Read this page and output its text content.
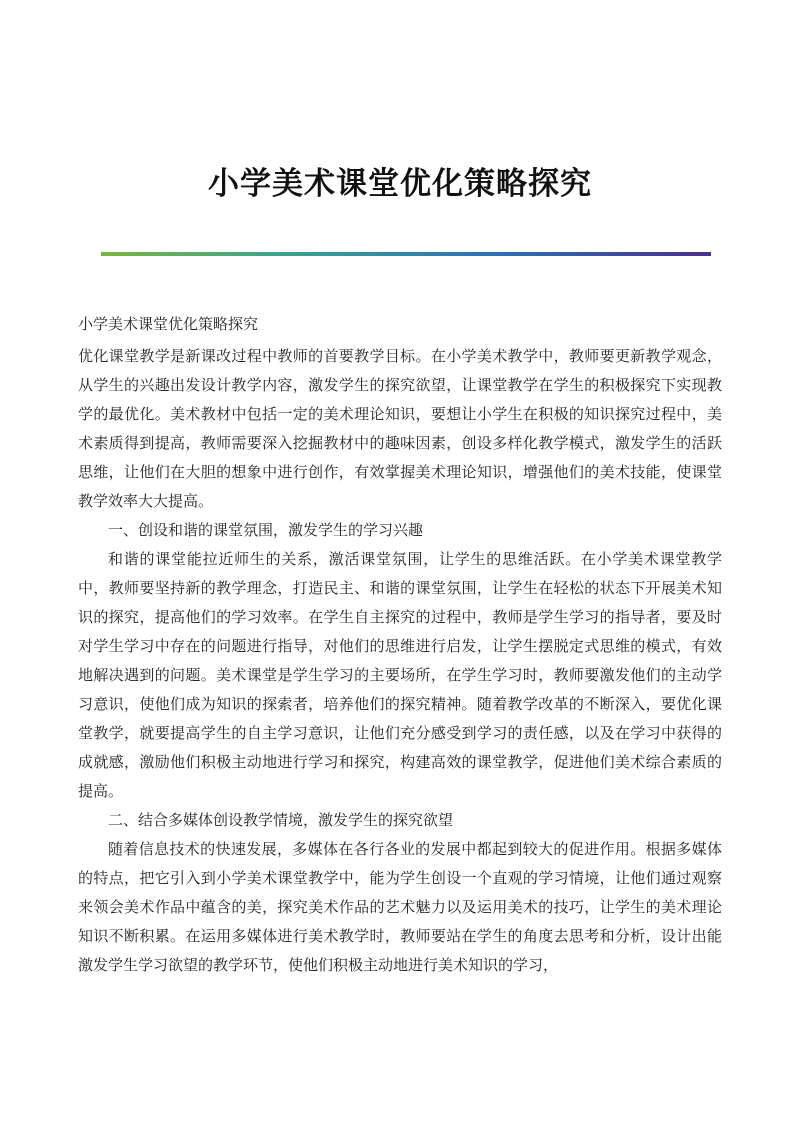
小学美术课堂优化策略探究

小学美术课堂优化策略探究

优化课堂教学是新课改过程中教师的首要教学目标。在小学美术教学中，教师要更新教学观念，从学生的兴趣出发设计教学内容，激发学生的探究欲望，让课堂教学在学生的积极探究下实现教学的最优化。美术教材中包括一定的美术理论知识，要想让小学生在积极的知识探究过程中，美术素质得到提高，教师需要深入挖掘教材中的趣味因素，创设多样化教学模式，激发学生的活跃思维，让他们在大胆的想象中进行创作，有效掌握美术理论知识，增强他们的美术技能，使课堂教学效率大大提高。

一、创设和谐的课堂氛围，激发学生的学习兴趣

和谐的课堂能拉近师生的关系，激活课堂氛围，让学生的思维活跃。在小学美术课堂教学中，教师要坚持新的教学理念，打造民主、和谐的课堂氛围，让学生在轻松的状态下开展美术知识的探究，提高他们的学习效率。在学生自主探究的过程中，教师是学生学习的指导者，要及时对学生学习中存在的问题进行指导，对他们的思维进行启发，让学生摆脱定式思维的模式，有效地解决遇到的问题。美术课堂是学生学习的主要场所，在学生学习时，教师要激发他们的主动学习意识，使他们成为知识的探索者，培养他们的探究精神。随着教学改革的不断深入，要优化课堂教学，就要提高学生的自主学习意识，让他们充分感受到学习的责任感，以及在学习中获得的成就感，激励他们积极主动地进行学习和探究，构建高效的课堂教学，促进他们美术综合素质的提高。

二、结合多媒体创设教学情境，激发学生的探究欲望

随着信息技术的快速发展，多媒体在各行各业的发展中都起到较大的促进作用。根据多媒体的特点，把它引入到小学美术课堂教学中，能为学生创设一个直观的学习情境，让他们通过观察来领会美术作品中蕴含的美，探究美术作品的艺术魅力以及运用美术的技巧，让学生的美术理论知识不断积累。在运用多媒体进行美术教学时，教师要站在学生的角度去思考和分析，设计出能激发学生学习欲望的教学环节，使他们积极主动地进行美术知识的学习，
